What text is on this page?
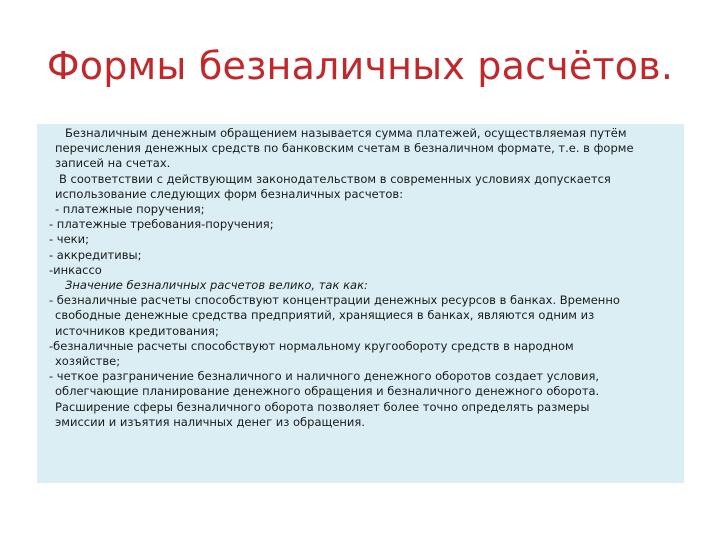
Формы безналичных расчётов.
Безналичным денежным обращением называется сумма платежей, осуществляемая путём
перечисления денежных средств по банковским счетам в безналичном формате, т.е. в форме
записей на счетах.
В соответствии с действующим законодательством в современных условиях допускается
использование следующих форм безналичных расчетов:
- платежные поручения;
- платежные требования-поручения;
- чеки;
- аккредитивы;
-инкассо
Значение безналичных расчетов велико, так как:
- безналичные расчеты способствуют концентрации денежных ресурсов в банках. Временно
свободные денежные средства предприятий, хранящиеся в банках, являются одним из
источников кредитования;
-безналичные расчеты способствуют нормальному кругообороту средств в народном
хозяйстве;
- четкое разграничение безналичного и наличного денежного оборотов создает условия,
облегчающие планирование денежного обращения и безналичного денежного оборота.
Расширение сферы безналичного оборота позволяет более точно определять размеры
эмиссии и изъятия наличных денег из обращения.
